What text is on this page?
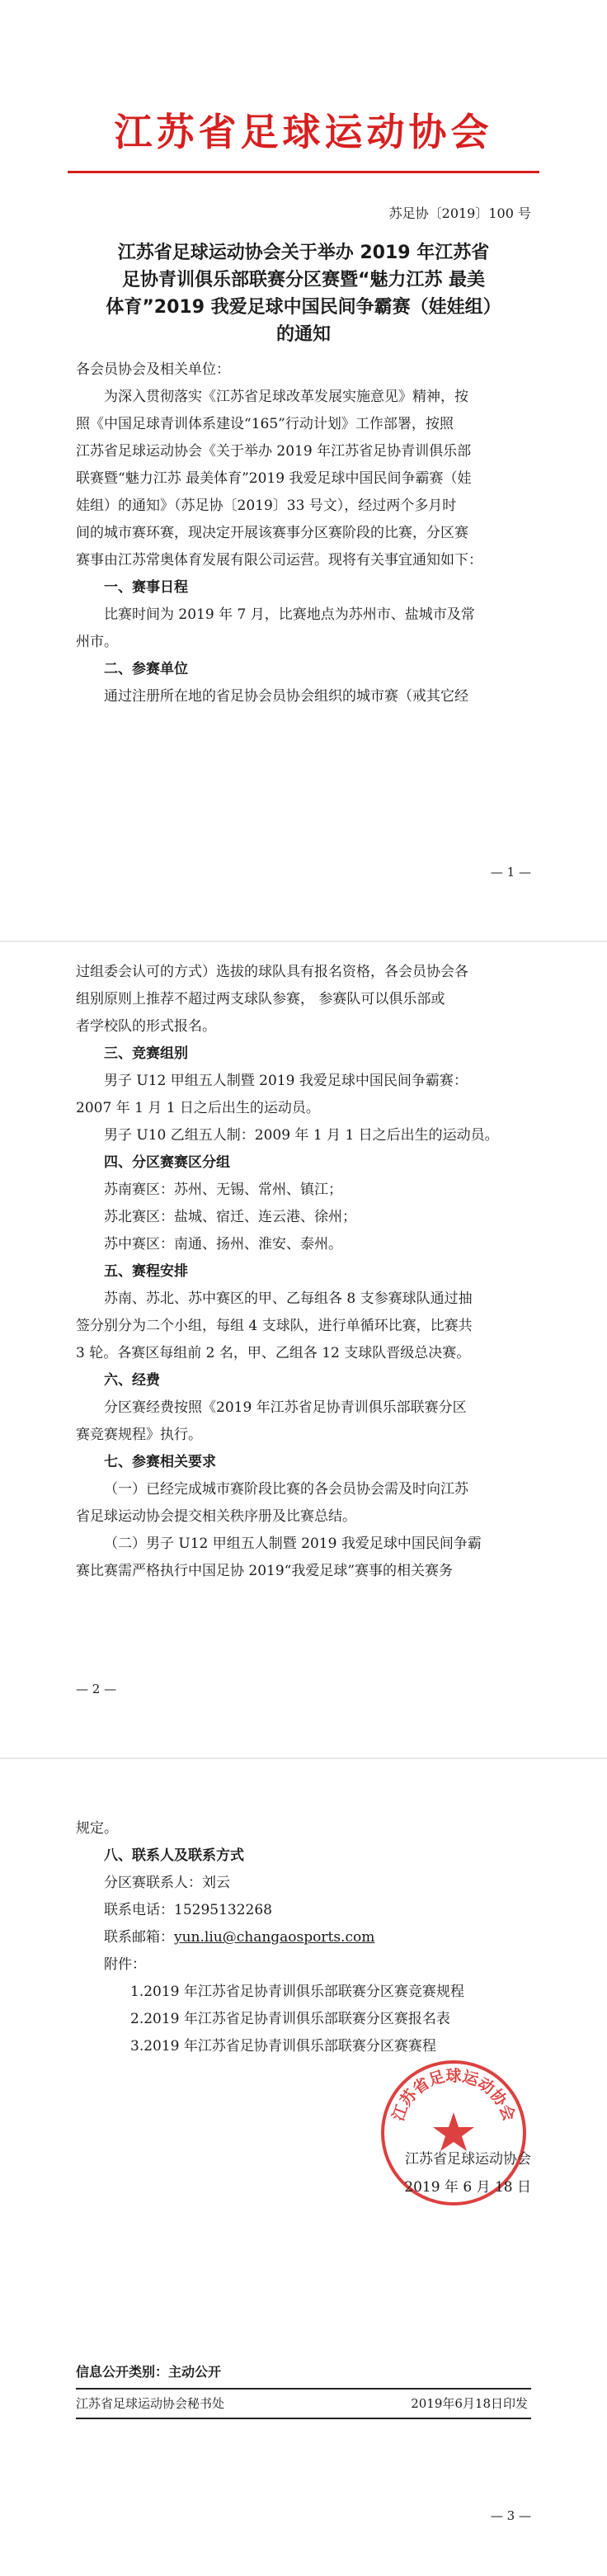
江苏省足球运动协会
苏足协〔2019〕100 号
江苏省足球运动协会关于举办 2019 年江苏省
足协青训俱乐部联赛分区赛暨“魅力江苏 最美
体育”2019 我爱足球中国民间争霸赛（娃娃组）
的通知

各会员协会及相关单位：

为深入贯彻落实《江苏省足球改革发展实施意见》精神，按

照《中国足球青训体系建设“165”行动计划》工作部署，按照

江苏省足球运动协会《关于举办 2019 年江苏省足协青训俱乐部

联赛暨“魅力江苏 最美体育”2019 我爱足球中国民间争霸赛（娃

娃组）的通知》（苏足协〔2019〕33 号文），经过两个多月时

间的城市赛环赛，现决定开展该赛事分区赛阶段的比赛，分区赛

赛事由江苏常奥体育发展有限公司运营。现将有关事宜通知如下：

一、赛事日程

比赛时间为 2019 年 7 月，比赛地点为苏州市、盐城市及常

州市。

二、参赛单位

通过注册所在地的省足协会员协会组织的城市赛（戒其它经

— 1 —

过组委会认可的方式）选拔的球队具有报名资格，各会员协会各

组别原则上推荐不超过两支球队参赛， 参赛队可以俱乐部或

者学校队的形式报名。

三、竞赛组别

男子 U12 甲组五人制暨 2019 我爱足球中国民间争霸赛：

2007 年 1 月 1 日之后出生的运动员。

男子 U10 乙组五人制：2009 年 1 月 1 日之后出生的运动员。

四、分区赛赛区分组

苏南赛区：苏州、无锡、常州、镇江；

苏北赛区：盐城、宿迁、连云港、徐州；

苏中赛区：南通、扬州、淮安、泰州。

五、赛程安排

苏南、苏北、苏中赛区的甲、乙每组各 8 支参赛球队通过抽

签分别分为二个小组，每组 4 支球队，进行单循环比赛，比赛共

3 轮。各赛区每组前 2 名，甲、乙组各 12 支球队晋级总决赛。

六、经费

分区赛经费按照《2019 年江苏省足协青训俱乐部联赛分区

赛竞赛规程》执行。

七、参赛相关要求

（一）已经完成城市赛阶段比赛的各会员协会需及时向江苏

省足球运动协会提交相关秩序册及比赛总结。

（二）男子 U12 甲组五人制暨 2019 我爱足球中国民间争霸

赛比赛需严格执行中国足协 2019“我爱足球”赛事的相关赛务

— 2 —

规定。

八、联系人及联系方式

分区赛联系人：刘云

联系电话：15295132268

联系邮箱：yun.liu@changaosports.com

附件：

1.2019 年江苏省足协青训俱乐部联赛分区赛竞赛规程

2.2019 年江苏省足协青训俱乐部联赛分区赛报名表

3.2019 年江苏省足协青训俱乐部联赛分区赛赛程

江苏省足球运动协会
江苏省足球运动协会
2019 年 6 月 18 日
信息公开类别：主动公开
江苏省足球运动协会秘书处	2019年6月18日印发
— 3 —
